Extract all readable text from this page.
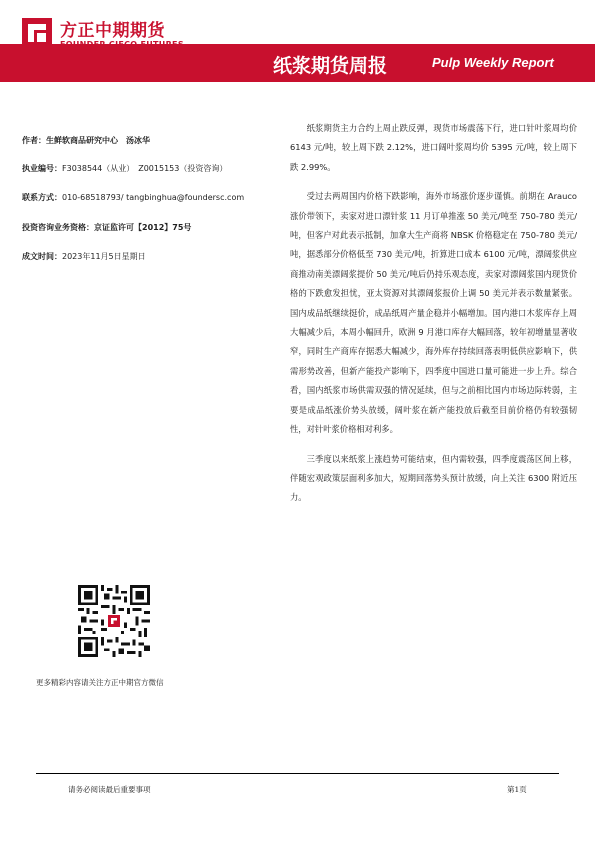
方正中期期货
纸浆期货周报	Pulp Weekly Report
作者：生鲜软商品研究中心　汤冰华
执业编号：F3038544（从业）　Z0015153（投资咨询）
联系方式：010-68518793/ tangbinghua@foundersc.com
投资咨询业务资格：京证监许可【2012】75号
成文时间：2023年11月5日星期日

纸浆期货主力合约上周止跌反弹，现货市场震荡下行，进口针叶浆周均价 6143 元/吨，较上周下跌 2.12%，进口阔叶浆周均价 5395 元/吨，较上周下跌 2.99%。

受过去两周国内价格下跌影响，海外市场涨价逐步谨慎。前期在 Arauco 涨价带领下，卖家对进口漂针浆 11 月订单推涨 50 美元/吨至 750-780 美元/吨，但客户对此表示抵制，加拿大生产商将 NBSK 价格稳定在 750-780 美元/吨，据悉部分价格低至 730 美元/吨，折算进口成本 6100 元/吨，漂阔浆供应商推动南美漂阔浆提价 50 美元/吨后仍持乐观态度，卖家对漂阔浆国内现货价格的下跌愈发担忧，亚太资源对其漂阔浆报价上调 50 美元并表示数量紧张。国内成品纸继续挺价，成品纸周产量企稳并小幅增加。国内港口木浆库存上周大幅减少后，本周小幅回升，欧洲 9 月港口库存大幅回落，较年初增量显著收窄，同时生产商库存据悉大幅减少，海外库存持续回落表明低供应影响下，供需形势改善，但新产能投产影响下，四季度中国进口量可能进一步上升。综合看，国内纸浆市场供需双强的情况延续，但与之前相比国内市场边际转弱，主要是成品纸涨价势头放缓，阔叶浆在新产能投放后截至目前价格仍有较强韧性，对针叶浆价格相对利多。

三季度以来纸浆上涨趋势可能结束，但内需较强，四季度震荡区间上移，伴随宏观政策层面利多加大，短期回落势头预计放缓，向上关注 6300 附近压力。

更多精彩内容请关注方正中期官方微信
请务必阅读最后重要事项	第1页
